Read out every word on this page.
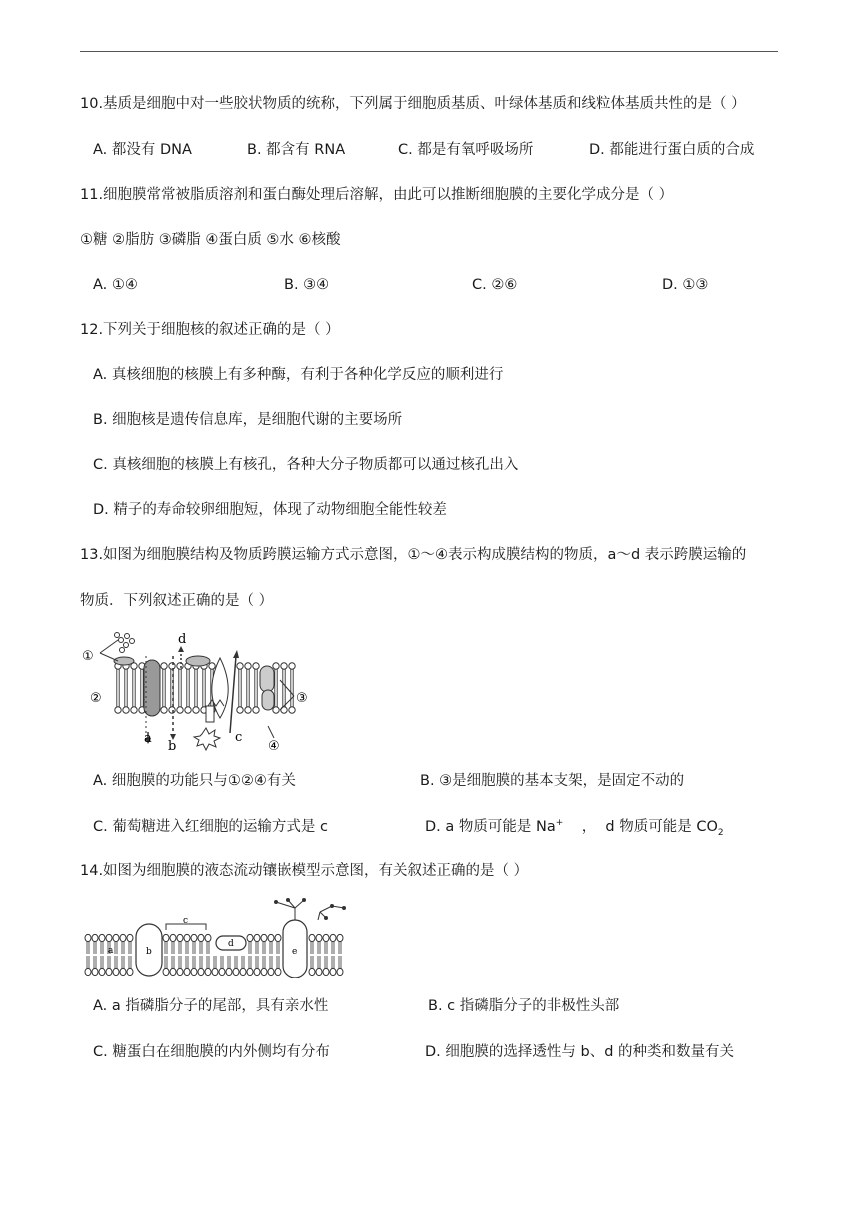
10.基质是细胞中对一些胶状物质的统称，下列属于细胞质基质、叶绿体基质和线粒体基质共性的是（ ）
A. 都没有 DNA	B. 都含有 RNA	C. 都是有氧呼吸场所	D. 都能进行蛋白质的合成
11.细胞膜常常被脂质溶剂和蛋白酶处理后溶解，由此可以推断细胞膜的主要化学成分是（ ）
①糖 ②脂肪 ③磷脂 ④蛋白质 ⑤水 ⑥核酸
A. ①④	B. ③④	C. ②⑥	D. ①③
12.下列关于细胞核的叙述正确的是（ ）
A. 真核细胞的核膜上有多种酶，有利于各种化学反应的顺利进行
B. 细胞核是遗传信息库，是细胞代谢的主要场所
C. 真核细胞的核膜上有核孔，各种大分子物质都可以通过核孔出入
D. 精子的寿命较卵细胞短，体现了动物细胞全能性较差
13.如图为细胞膜结构及物质跨膜运输方式示意图，①～④表示构成膜结构的物质，a～d 表示跨膜运输的
物质．下列叙述正确的是（ ）
①
②	③
④
a
b
c
d
A. 细胞膜的功能只与①②④有关	B. ③是细胞膜的基本支架，是固定不动的
C. 葡萄糖进入红细胞的运输方式是 c	D. a 物质可能是 Na+    ，  d 物质可能是 $CO_2$
14.如图为细胞膜的液态流动镶嵌模型示意图，有关叙述正确的是（ ）
a	b
c
d
e
A. a 指磷脂分子的尾部，具有亲水性	B. c 指磷脂分子的非极性头部
C. 糖蛋白在细胞膜的内外侧均有分布	D. 细胞膜的选择透性与 b、d 的种类和数量有关
